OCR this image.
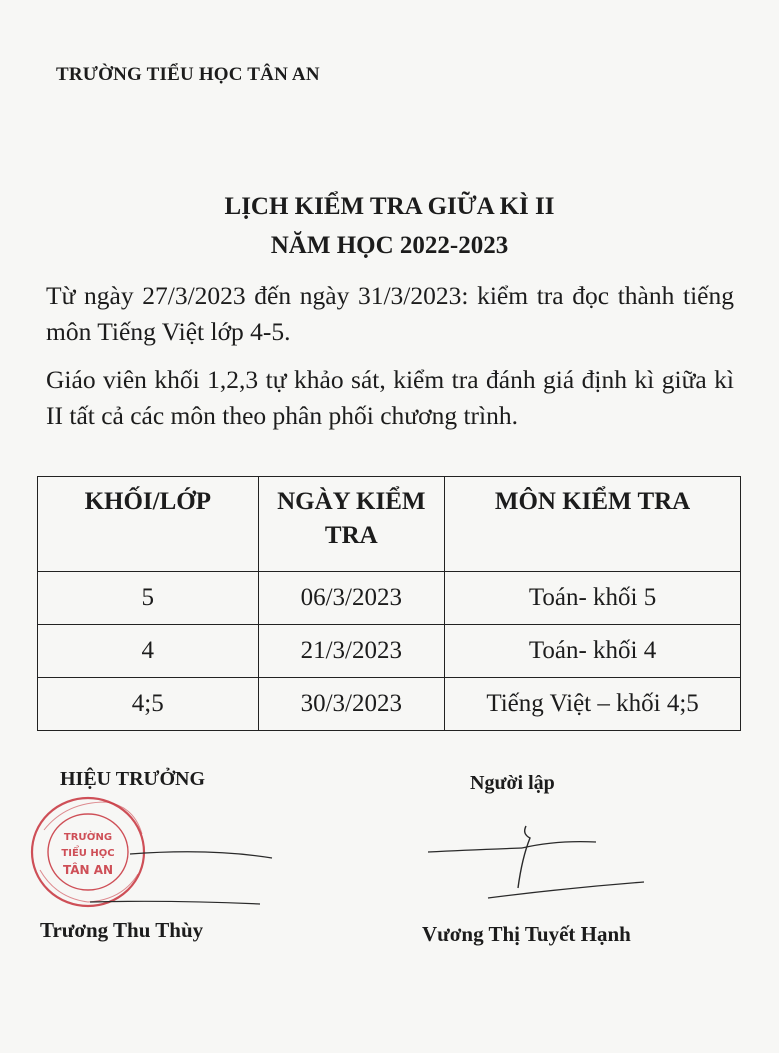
TRƯỜNG TIỂU HỌC TÂN AN
LỊCH KIỂM TRA GIỮA KÌ II
NĂM HỌC 2022-2023
Từ ngày 27/3/2023 đến ngày 31/3/2023: kiểm tra đọc thành tiếng môn Tiếng Việt lớp 4-5.
Giáo viên khối 1,2,3 tự khảo sát, kiểm tra đánh giá định kì giữa kì II tất cả các môn theo phân phối chương trình.
KHỐI/LỚP	NGÀY KIỂM TRA	MÔN KIỂM TRA
5	06/3/2023	Toán- khối 5
4	21/3/2023	Toán- khối 4
4;5	30/3/2023	Tiếng Việt – khối 4;5
HIỆU TRƯỞNG	Người lập
TRƯỜNG
TIỂU HỌC
TÂN AN
Trương Thu Thùy	Vương Thị Tuyết Hạnh
